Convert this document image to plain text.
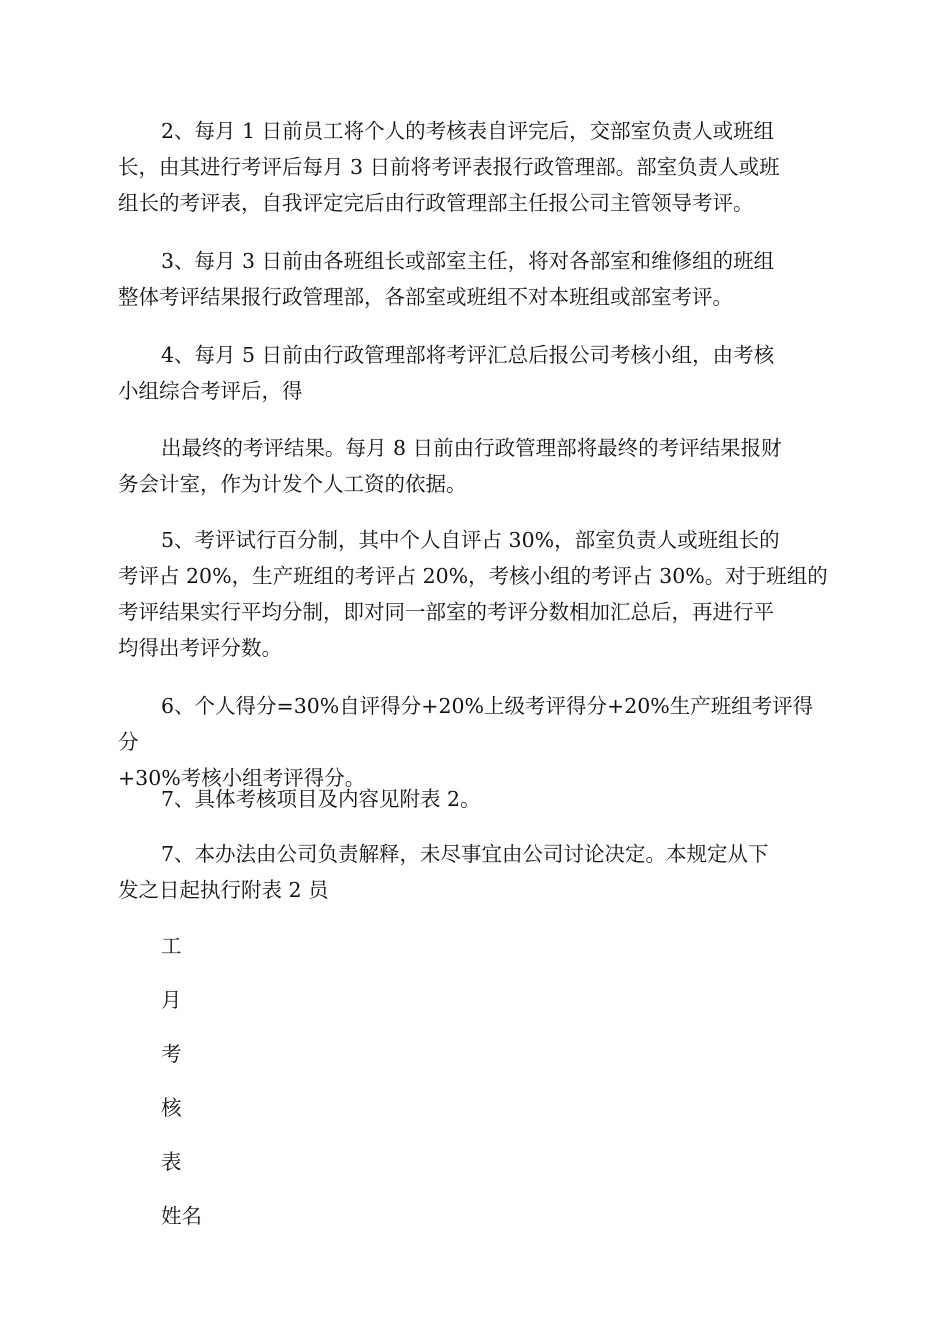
2、每月 1 日前员工将个人的考核表自评完后，交部室负责人或班组
长，由其进行考评后每月 3 日前将考评表报行政管理部。部室负责人或班
组长的考评表，自我评定完后由行政管理部主任报公司主管领导考评。
3、每月 3 日前由各班组长或部室主任，将对各部室和维修组的班组
整体考评结果报行政管理部，各部室或班组不对本班组或部室考评。
4、每月 5 日前由行政管理部将考评汇总后报公司考核小组，由考核
小组综合考评后，得
出最终的考评结果。每月 8 日前由行政管理部将最终的考评结果报财
务会计室，作为计发个人工资的依据。
5、考评试行百分制，其中个人自评占 30%，部室负责人或班组长的
考评占 20%，生产班组的考评占 20%，考核小组的考评占 30%。对于班组的
考评结果实行平均分制，即对同一部室的考评分数相加汇总后，再进行平
均得出考评分数。
6、个人得分=30%自评得分+20%上级考评得分+20%生产班组考评得分
+30%考核小组考评得分。
7、具体考核项目及内容见附表 2。
7、本办法由公司负责解释，未尽事宜由公司讨论决定。本规定从下
发之日起执行附表 2 员
工
月
考
核
表
姓名
